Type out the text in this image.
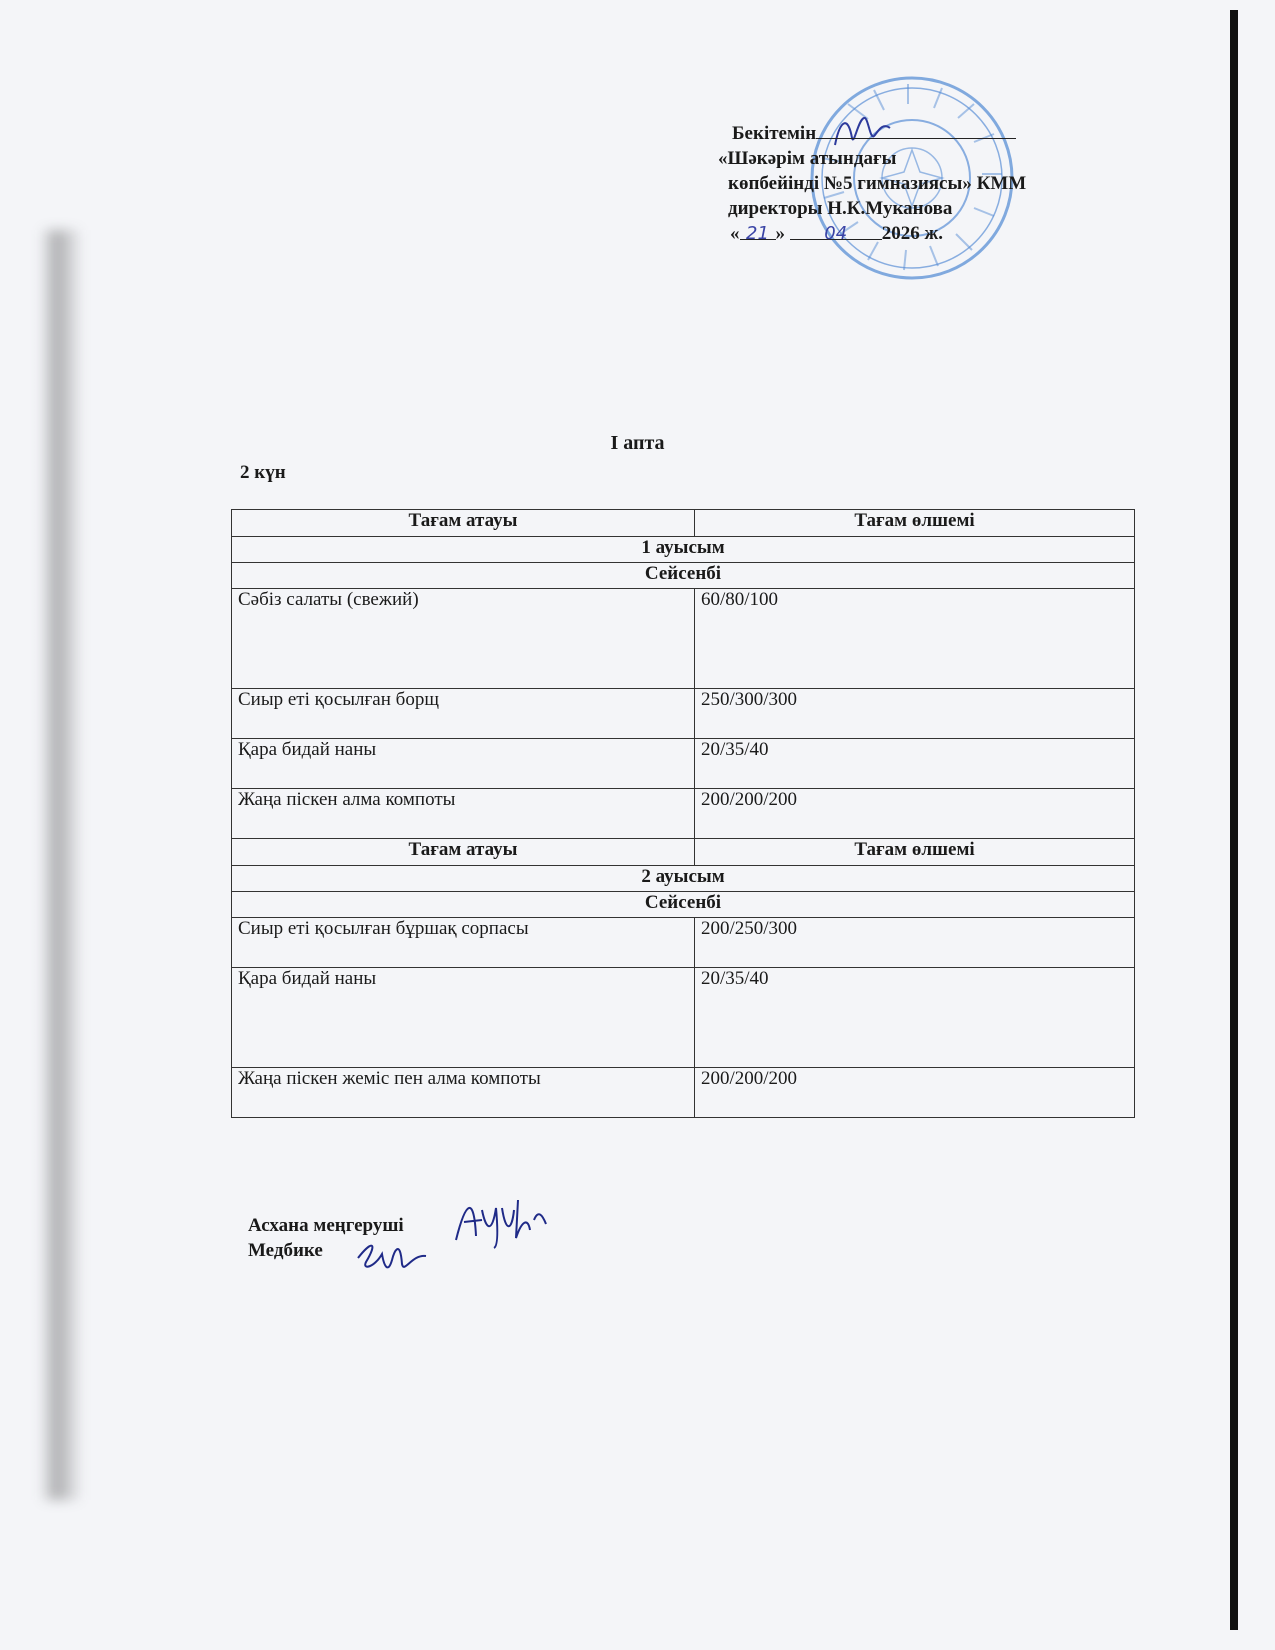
Бекітемін
«Шәкәрім атындағы
көпбейінді №5 гимназиясы» КММ
директоры Н.К.Муканова
« 21 » 04 2026 ж.
I апта
2 күн
Тағам атауы	Тағам өлшемі
1 ауысым	
Сейсенбі	
Сәбіз салаты (свежий)	60/80/100
Сиыр еті қосылған борщ	250/300/300
Қара бидай наны	20/35/40
Жаңа піскен алма компоты	200/200/200
Тағам атауы	Тағам өлшемі
2 ауысым	
Сейсенбі	
Сиыр еті қосылған бұршақ сорпасы	200/250/300
Қара бидай наны	20/35/40
Жаңа піскен жеміс пен алма компоты	200/200/200
Асхана меңгеруші
Медбике
